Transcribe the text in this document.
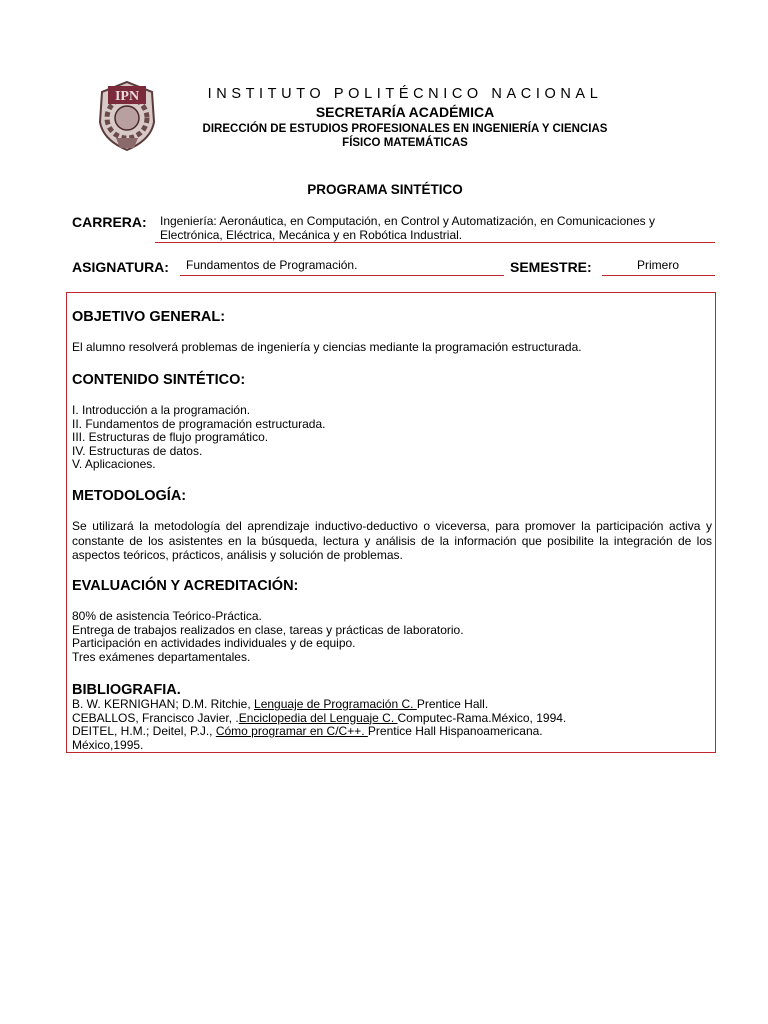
IPN	INSTITUTO POLITÉCNICO NACIONAL
SECRETARÍA ACADÉMICA
DIRECCIÓN DE ESTUDIOS PROFESIONALES EN INGENIERÍA Y CIENCIAS
FÍSICO MATEMÁTICAS
PROGRAMA SINTÉTICO
CARRERA: Ingeniería: Aeronáutica, en Computación, en Control y Automatización, en Comunicaciones y
Electrónica, Eléctrica, Mecánica y en Robótica Industrial.
ASIGNATURA: Fundamentos de Programación.	SEMESTRE:	Primero
OBJETIVO GENERAL:
El alumno resolverá problemas de ingeniería y ciencias mediante la programación estructurada.
CONTENIDO SINTÉTICO:
I. Introducción a la programación.
II. Fundamentos de programación estructurada.
III. Estructuras de flujo programático.
IV. Estructuras de datos.
V. Aplicaciones.
METODOLOGÍA:
Se utilizará la metodología del aprendizaje inductivo-deductivo o viceversa, para promover la participación activa y constante de los asistentes en la búsqueda, lectura y análisis de la información que posibilite la integración de los aspectos teóricos, prácticos, análisis y solución de problemas.
EVALUACIÓN Y ACREDITACIÓN:
80% de asistencia Teórico-Práctica.
Entrega de trabajos realizados en clase, tareas y prácticas de laboratorio.
Participación en actividades individuales y de equipo.
Tres exámenes departamentales.
BIBLIOGRAFIA.
B. W. KERNIGHAN; D.M. Ritchie, Lenguaje de Programación C. Prentice Hall.
CEBALLOS, Francisco Javier, .Enciclopedia del Lenguaje C. Computec-Rama.México, 1994.
DEITEL, H.M.; Deitel, P.J., Cómo programar en C/C++. Prentice Hall Hispanoamericana.
México,1995.
